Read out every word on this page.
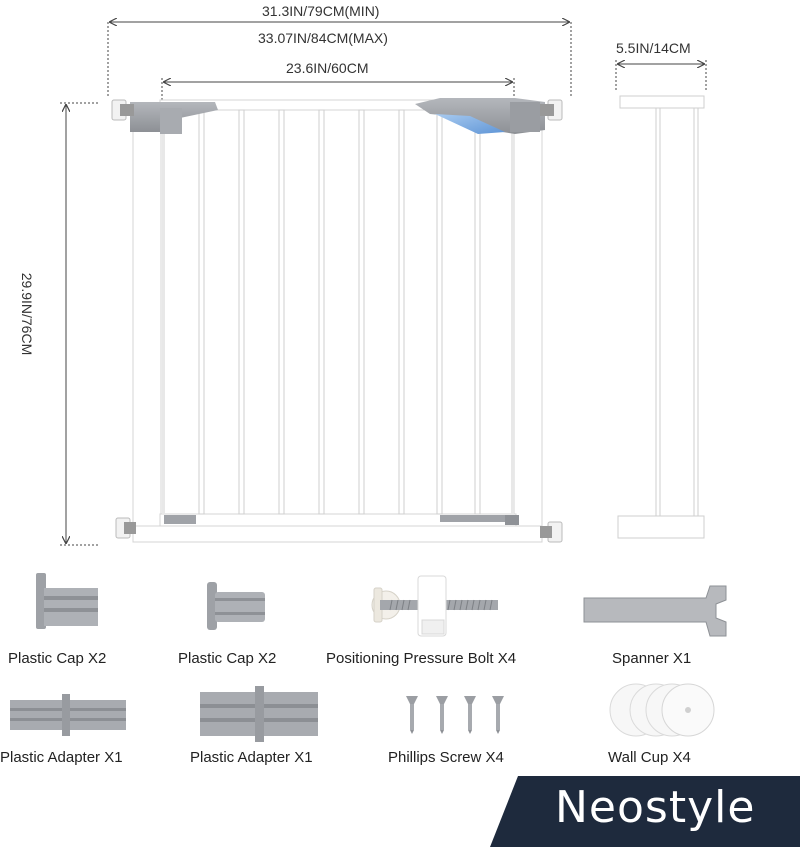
31.3IN/79CM(MIN)
33.07IN/84CM(MAX)
23.6IN/60CM
29.9IN/76CM
5.5IN/14CM
Plastic Cap X2	Plastic Cap X2	Positioning Pressure Bolt X4	Spanner X1
Plastic Adapter X1	Plastic Adapter X1	Phillips Screw X4	Wall Cup X4
Neostyle
